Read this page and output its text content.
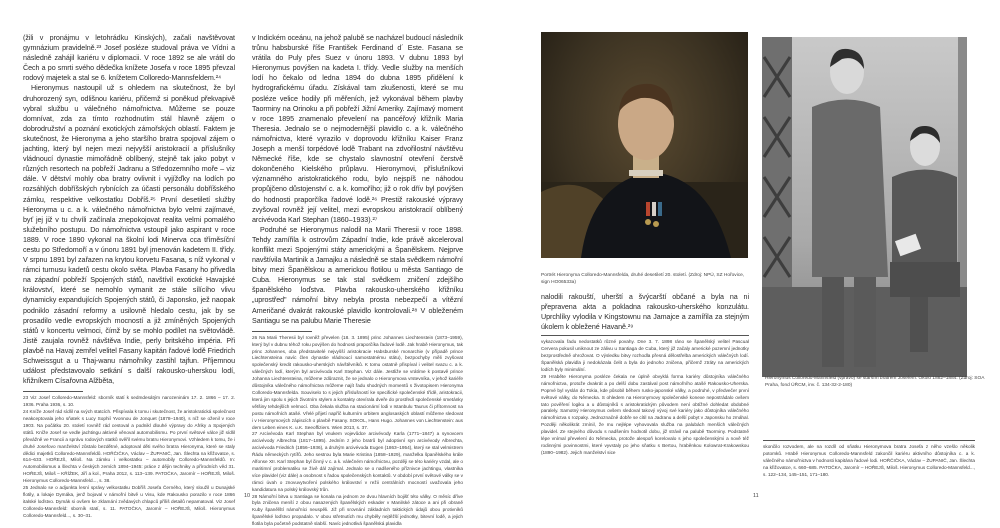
(žili v pronájmu v letohrádku Kinských), začali navštěvovat gymnázium pravidelně.²³ Josef posléze studoval práva ve Vídni a následně zahájil kariéru v diplomacii. V roce 1892 se ale vrátil do Čech a po smrti svého dědečka knížete Josefa v roce 1895 převzal rodový majetek a stal se 6. knížetem Colloredo-Mannsfeldem.²⁴

Hieronymus nastoupil už s ohledem na skutečnost, že byl druhorozený syn, odlišnou kariéru, přičemž si poněkud překvapivě vybral službu u válečného námořnictva. Můžeme se pouze domnívat, zda za tímto rozhodnutím stál hlavně zájem o dobrodružství a poznání exotických zámořských oblastí. Faktem je skutečnost, že Hieronyma a jeho staršího bratra spojoval zájem o jachting, který byl nejen mezi nejvyšší aristokracií a příslušníky vládnoucí dynastie mimořádně oblíbený, stejně tak jako pobyt v různých resortech na pobřeží Jadranu a Středozemního moře – viz dále. V dětství mohly oba bratry ovlivnit i vyjížďky na lodích po rozsáhlých dobříšských rybnících za účasti personálu dobříšského zámku, respektive velkostatku Dobříš.²⁵ První desetiletí služby Hieronyma u c. a k. válečného námořnictva bylo velmi zajímavé, byť jej již v tu chvíli začínala znepokojovat realita velmi pomalého služebního postupu. Do námořnictva vstoupil jako aspirant v roce 1889. V roce 1890 vykonal na školní lodi Minerva cca tříměsíční cestu po Středomoří a v únoru 1891 byl jmenován kadetem II. třídy. V srpnu 1891 byl zařazen na krytou korvetu Fasana, s níž vykonal v rámci turnusu kadetů cestu okolo světa. Plavba Fasany ho přivedla na západní pobřeží Spojených států, navštívil exotické Havajské království, které se nemohlo vymanit ze stále sílícího vlivu dynamicky expandujících Spojených států, či Japonsko, jež naopak podniklo zásadní reformy a usilovně hledalo cestu, jak by se prosadilo vedle evropských mocností a již zmíněných Spojených států v koncertu velmoci, čímž by se mohlo podílet na světovládě. Jistě zaujala rovněž návštěva Indie, perly britského impéria. Při plavbě na Havaj zemřel velitel Fasany kapitán řadové lodě Friedrich Schweissgut a u Thaj-wanu námořníky zastihl tajfun. Příjemnou událost představovalo setkání s další rakousko-uherskou lodí, křižníkem Císařovna Alžběta,

23 Viz Josef Colloredo-Mannsfeld: sborník statí k sedmdesátým narozeninám 17. 2. 1866 – 17. 2. 1936. Praha 1936, s. 10.

24 Kníže Josef rád sídlil na svých statcích. Přispívala k tomu i skutečnost, že aristokratická společnost neakceptovala jeho sňatek s Lucy Sophií Yvonnou de Jonquet (1878–1940), s níž se oženil v roce 1903. Na počátku 20. století rovněž rád cestoval a podnikl dlouhé výpravy do Afriky a Spojených států. Kníže Josef se vedle jachtingu aktivně věnoval automobilismu. Po první světové válce již sídlil převážně ve Francii a správu rodových statků svěřil svému bratru Hieronymovi. Vzhledem k tomu, že i druhé Josefovo manželství zůstalo bezdětné, adoptoval děti svého bratra Hieronyma, které se staly dědici majetků Colloredo-Mannsfeldů. HOŘČIČKA, Václav – ŽUPANIČ, Jan. Šlechta na křižovatce, s. 614–633. HOŘEJŠ, Miloš. Na zámku i velkostatku – automobily Colloredo-Mannsfeldů. In: Automobilismus a šlechta v českých zemích 1894–1945: práce z dějin techniky a přírodních věd 31. HOŘEJŠ, Miloš – KŘÍŽEK, Jiří a kol., Praha 2012, s. 113–139. PATOČKA, Jaromír – HOŘEJŠ, Miloš. Hieronymus Colloredo-Mannsfeld..., s. 38.

25 Jednalo se o adjunkta lesní správy velkostatku Dobříš Josefa Černého, který sloužil u Dunajské flotily, a lokaje Dymáka, jenž bojoval v námořní bitvě u Visu, kde Rakousko porazilo v roce 1866 italské loďstvo. Dymák si ovšem ke zklamání zvědavých chlapců příliš detailů nepamatoval. Viz Josef Colloredo-Mannsfeld: sborník statí, s. 11. PATOČKA, Jaromír – HOŘEJŠ, Miloš. Hieronymus Colloredo-Mannsfeld..., s. 30–31.

v Indickém oceánu, na jehož palubě se nacházel budoucí následník trůnu habsburské říše František Ferdinand d´ Este. Fasana se vrátila do Puly přes Suez v únoru 1893. V dubnu 1893 byl Hieronymus povýšen na kadeta I. třídy. Vedle služby na menších lodí ho čekalo od ledna 1894 do dubna 1895 přidělení k hydrografickému úřadu. Získával tam zkušenosti, které se mu posléze velice hodily při měřeních, jež vykonával během plavby Taorminy na Orinoku a při pobřeží Jižní Ameriky. Zajímavý moment v roce 1895 znamenalo převelení na pancéřový křižník Maria Theresia. Jednalo se o nejmodernější plavidlo c. a k. válečného námořnictva, které vyrazilo v doprovodu křižníku Kaiser Franz Joseph a menší torpédové lodě Trabant na zdvořilostní návštěvu Německé říše, kde se chystalo slavnostní otevření čerstvě dokončeného Kielského průplavu. Hieronymovi, příslušníkovi významného aristokratického rodu, bylo nejspíš ne náhodou propůjčeno důstojenství c. a k. komořího; již o rok dřív byl povýšen do hodnosti praporčíka řadové lodě.²⁶ Prestiž rakouské výpravy zvyšoval rovněž její velitel, mezi evropskou aristokracií oblíbený arcivévoda Karl Stephan (1860–1933).²⁷

Podruhé se Hieronymus nalodil na Marii Theresii v roce 1898. Tehdy zamířila k ostrovům Západní Indie, kde právě akceleroval konflikt mezi Spojenými státy americkými a Španělskem. Nejprve navštívila Martinik a Jamajku a následně se stala svědkem námořní bitvy mezi Španělskou a americkou flotilou u města Santiago de Cuba. Hieronymus se tak stal svědkem zničení zdejšího španělského loďstva. Plavba rakousko-uherského křižníku „uprostřed" námořní bitvy nebyla prosta nebezpečí a vítězní Američané dvakrát rakouské plavidlo kontrolovali.²⁸ V obleženém Santiagu se na palubu Marie Theresie

26 Na Marii Theresii byl rovněž převelen (18. 3. 1895) princ Johannes Liechtenstein (1873–1959), který byl v dubnu téhož roku povýšen do hodnosti praporčíka řadové lodě. Jak hrabě Hieronymus, tak princ Johannes, oba představitelé nejvyšší aristokracie Habsburské monarchie (v případě prince Liechtensteina navíc člen dynastie vládnoucí samostatnému státu), bezpochyby měli zvyšovat společenský kredit rakousko-uherských návštěvníků. K tomu ostatně přispíval i velitel svazu c. a k. válečných lodí, kterým byl arcivévoda Karl Stephan. Viz dále. Jestliže se vrátíme k postavě prince Johanna Liechtensteina, můžeme zdůraznit, že se jednalo o Hieronymova vrstevníka, v jehož kariéře důstojníka válečného námořnictva můžeme najít řadu shodných momentů s životopisem Hieronyma Colloredo-Mannsfelda. Souviselo to s jejich příslušností ke specifické společenské třídě, aristokracii, která jim spolu s jejich životním stylem a kontakty otevírala dveře do prostředí společenské smetánky většiny tehdejších velmocí. Oba čekala služba na stacionární lodi v Istanbulu Taurus či přítomnost na postu námořních atašé. Vřelé přijetí napříč kulturním orbitem anglosaských oblastí můžeme sledovat i v Hieronymových zápiscích o plavbě Fasany. SOKOL, Hans Hugo. Johannes von Liechtenstein: aus dem Leben eines K. u.K. Seeoffiziers. Wien 2013, s. 37.

27 Arcivévoda Karl Stephan byl vnukem vojevůdce arcivévody Karla (1771–1847) a synovcem arcivévody Albrechta (1817–1895). Jedním z jeho bratrů byl adoptivní syn arcivévody Albrechta, arcivévoda Friedrich (1856–1936), a druhým arcivévoda Eugen (1863–1954), který se stal velmistrem Řádu německých rytířů. Jeho sestrou byla Marie Kristina (1858–1929), manželka španělského krále Alfonse XII. Karl Stephan byl činný v c. a k. válečném námořnictvu, později se této kariéry vzdal, ale o maritimní problematiku se živě dál zajímal. Jednalo se o nadšeného příznivce jachtingu, vlastníka více plavidel (viz dále) a osobnost s řadou společenských kontaktů. V období první světové války se v rámci úvah o znovuvytvoření polského království v režii centrálních mocností uvažovala jeho kandidatura na polský královský trůn.

28 Námořní bitva u Santiaga se konala na jednom ze dvou hlavních bojišť této války. O měsíc dříve byla zničena menší z obou nasazených španělských eskader v Manilské zátoce a ani při obraně Kuby španělští námořníci neuspěli. Již při srovnání základních taktických údajů obou protivníků španělské loďstvo propadalo. V obou střetnutích mu chyběly nejtěžší jednotky, bitevní lodě, a jejich flotila byla početně podstatně slabší. Navíc jednotlivá španělská plavidla

10
Portrét Hieronyma Colloredo-Mannsfelda, druhé desetiletí 20. století. (Zdroj: NPÚ, SZ Hořovice, sign HO06533a)
Hieronymus Colloredo-Mannsfeld (vpravo) se starším bratrem Josefem. Okolo 1882–1884. (Zdroj: SOA Praha, fond ÚŘCM, inv. č. 134-32-2-180)

nalodili rakouští, uherští a švýcarští občané a byla na ni přepravena akta a pokladna rakousko-uherského konzulátu. Uprchlíky vylodila v Kingstownu na Jamajce a zamířila za stejným úkolem k obležené Havaně.²⁹

vykazovala řadu nedostatků různé povahy. Dne 3. 7. 1898 ráno se španělský velitel Pascual Cervera pokusil uniknout ze zálivu u Santiaga de Cuba, který již začaly americké pozemní jednotky bezprostředně ohrožovat. O výsledku bitvy rozhodla přesná dělostřelba amerických válečných lodí. Španělská plavidla ji nedokázala čelit a byla do jednoho zničena, přičemž ztráty na amerických lodích byly minimální.

29 Hraběte Hieronyma posléze čekala ne úplně obvyklá forma kariéry důstojníka válečného námořnictva, protože dvakrát a po delší dobu zastával post námořního atašé Rakousko-Uherska. Poprvé byl vyslán do Tokia, kde působil během rusko-japonské války, a podruhé, v předvečer první světové války, do Německa. S ohledem na Hieronymovy společenské konexe nepostrádalo ovšem tato pověření logiku a u důstojníků s aristokratickým původem není obtížné dohledat obdobné paralely. Samotný Hieronymus ovšem sledoval takový vývoj své kariéry jako důstojníka válečného námořnictva s rozpaky. Jednoznačně dobře se cítil na Jadranu a delší pobyt v Japonsku ho zmáhal. Později několikrát zmínil, že mu nejlépe vyhovovala služba na palubách menších válečných plavidel. Ze stejného důvodu s nadšením hodnotil dobu, již strávil na palubě Taorminy. Podstatně lépe vnímal převelení do Německa, protože alespoň korelovalo s jeho společenskými a nově též rodinnými povinnostmi, které vyvstaly po jeho sňatku s Bertou, hraběnkou Kolowrat-Krakowskou (1890–1982). Jejich manželství sice

skončilo rozvodem, ale na rozdíl od sňatku Hieronymova bratra Josefa z něho vzešlo několik potomků. Hrabě Hieronymus Colloredo-Mannsfeld zakončil kariéru aktivního důstojníka c. a k. válečného námořnictva v hodnosti kapitána řadové lodi. HOŘČIČKA, Václav – ŽUPANIČ, Jan. Šlechta na křižovatce, s. 660–685. PATOČKA, Jaromír – HOŘEJŠ, Miloš. Hieronymus Colloredo-Mannsfeld..., s. 122–134, 145–151, 171–180.

11
